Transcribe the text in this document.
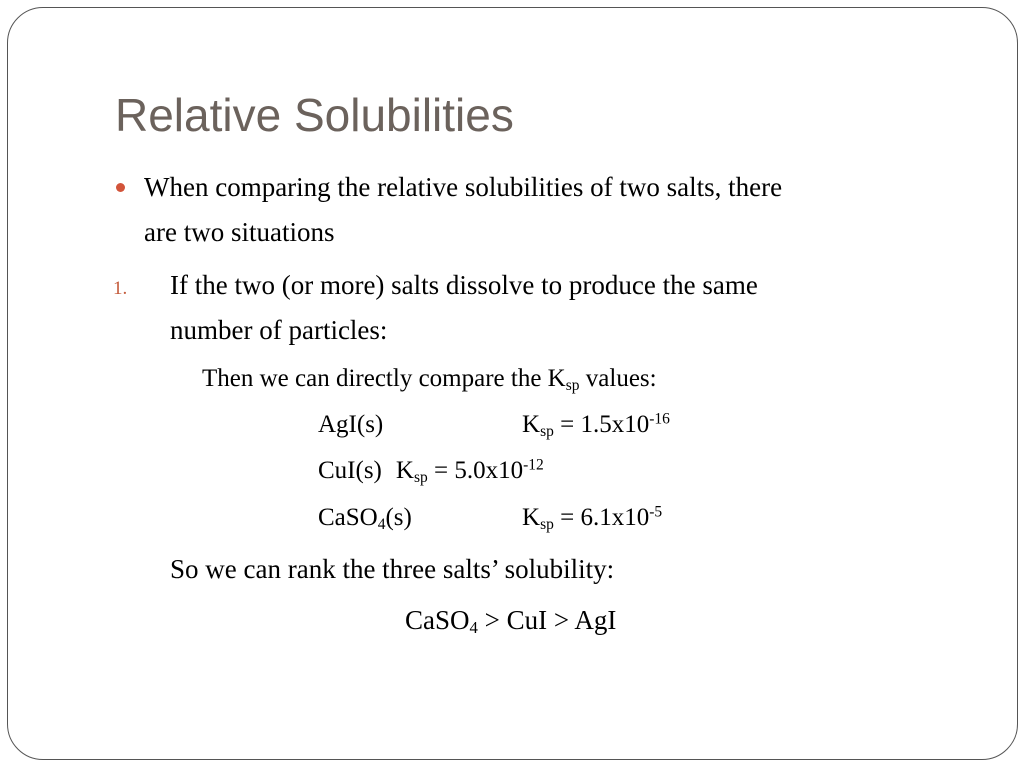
Relative Solubilities
When comparing the relative solubilities of two salts, there
are two situations
1. If the two (or more) salts dissolve to produce the same
number of particles:
Then we can directly compare the $K_{sp}$ values:
AgI(s)	$K_{sp} = 1.5x10^{-16}$
CuI(s) $K_{sp} = 5.0x10^{-12}$
CaSO$_4$(s)	$K_{sp} = 6.1x10^{-5}$
So we can rank the three salts’ solubility:
CaSO$_4$ > CuI > AgI
